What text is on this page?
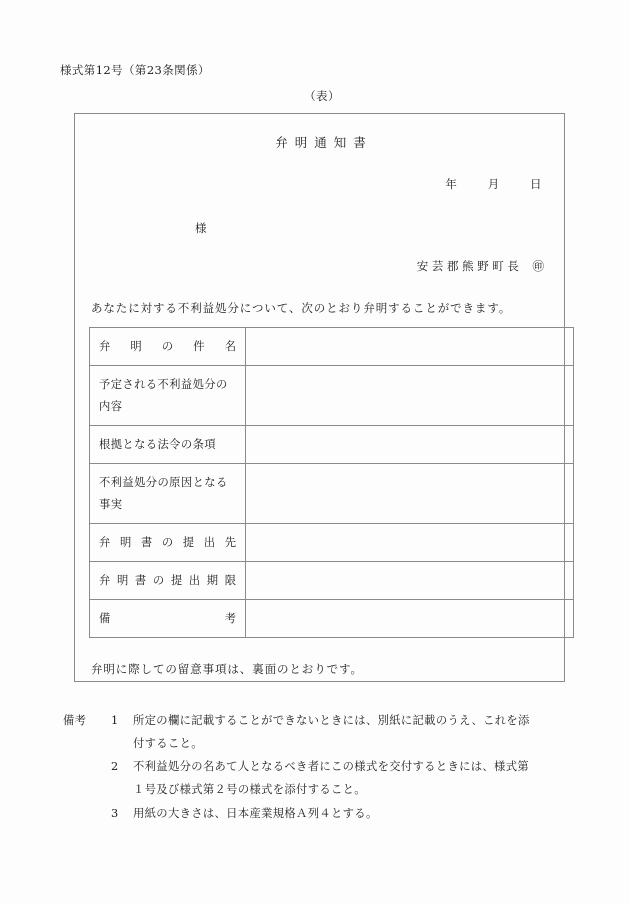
様式第12号（第23条関係）
（表）
弁明通知書
年	月	日
様
安芸郡熊野町長 ㊞
あなたに対する不利益処分について、次のとおり弁明することができます。
弁明の件名	

予定される不利益処分の内容	

根拠となる法令の条項	

不利益処分の原因となる事実	

弁明書の提出先	

弁明書の提出期限	

備考	

弁明に際しての留意事項は、裏面のとおりです。
備考	1	所定の欄に記載することができないときには、別紙に記載のうえ、これを添
付すること。
2	不利益処分の名あて人となるべき者にこの様式を交付するときには、様式第
１号及び様式第２号の様式を添付すること。
3	用紙の大きさは、日本産業規格Ａ列４とする。
